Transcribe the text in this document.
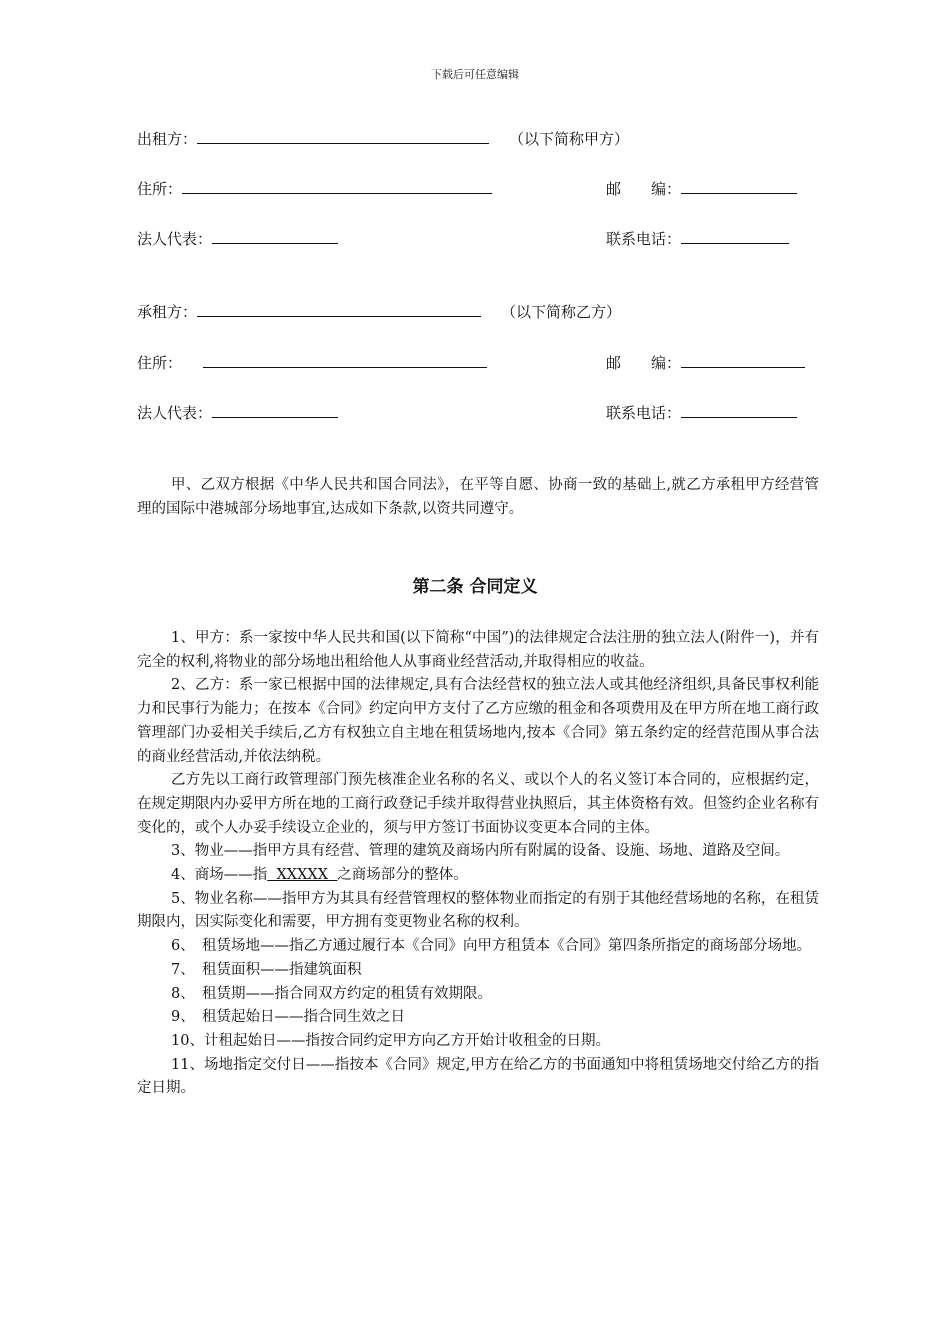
下载后可任意编辑
出租方：	（以下简称甲方）
住所：	邮　　编：
法人代表：	联系电话：
承租方：	（以下简称乙方）
住所：	邮　　编：
法人代表：	联系电话：

甲、乙双方根据《中华人民共和国合同法》，在平等自愿、协商一致的基础上,就乙方承租甲方经营管理的国际中港城部分场地事宜,达成如下条款,以资共同遵守。

第二条 合同定义

1、甲方：系一家按中华人民共和国(以下简称“中国”)的法律规定合法注册的独立法人(附件一)，并有完全的权利,将物业的部分场地出租给他人从事商业经营活动,并取得相应的收益。

2、乙方：系一家已根据中国的法律规定,具有合法经营权的独立法人或其他经济组织,具备民事权利能力和民事行为能力；在按本《合同》约定向甲方支付了乙方应缴的租金和各项费用及在甲方所在地工商行政管理部门办妥相关手续后,乙方有权独立自主地在租赁场地内,按本《合同》第五条约定的经营范围从事合法的商业经营活动,并依法纳税。

乙方先以工商行政管理部门预先核准企业名称的名义、或以个人的名义签订本合同的，应根据约定，在规定期限内办妥甲方所在地的工商行政登记手续并取得营业执照后，其主体资格有效。但签约企业名称有变化的，或个人办妥手续设立企业的，须与甲方签订书面协议变更本合同的主体。

3、物业——指甲方具有经营、管理的建筑及商场内所有附属的设备、设施、场地、道路及空间。

4、商场——指  XXXXX  之商场部分的整体。

5、物业名称——指甲方为其具有经营管理权的整体物业而指定的有别于其他经营场地的名称，在租赁期限内，因实际变化和需要，甲方拥有变更物业名称的权利。

6、　租赁场地——指乙方通过履行本《合同》向甲方租赁本《合同》第四条所指定的商场部分场地。

7、　租赁面积——指建筑面积

8、　租赁期——指合同双方约定的租赁有效期限。

9、　租赁起始日——指合同生效之日

10、计租起始日——指按合同约定甲方向乙方开始计收租金的日期。

11、场地指定交付日——指按本《合同》规定,甲方在给乙方的书面通知中将租赁场地交付给乙方的指定日期。
